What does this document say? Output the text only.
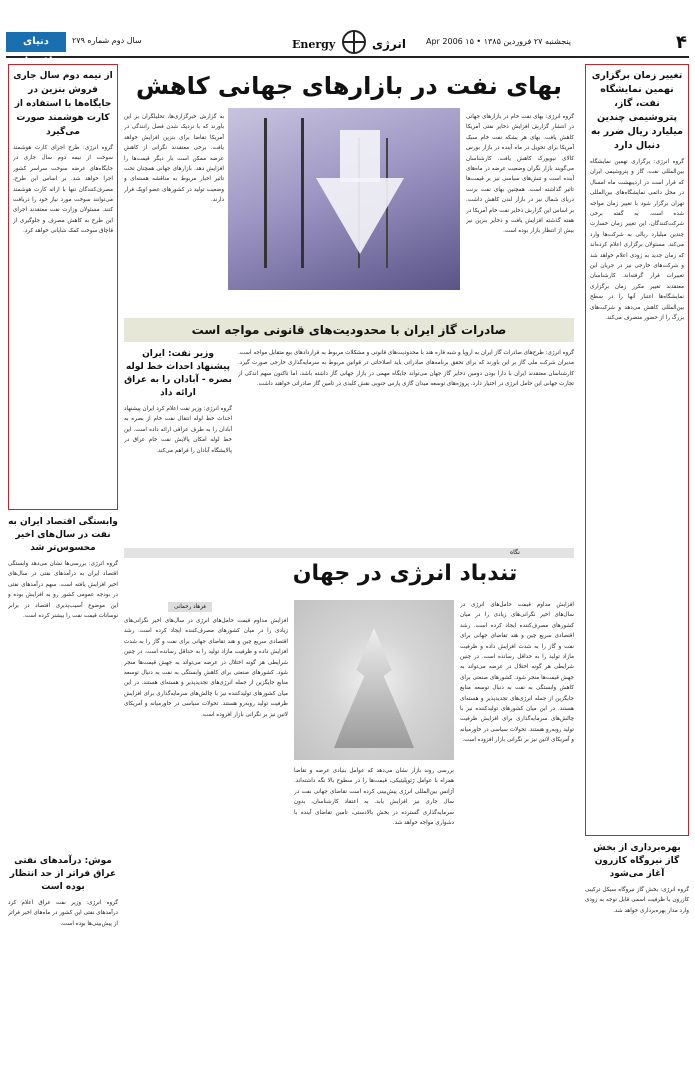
دنیای اقتصاد
سال دوم شماره ۲۷۹	Energy	انرژی	پنجشنبه ۲۷ فروردین ۱۳۸۵ • ۱۵ Apr 2006	۴
تغییر زمان برگزاری نهمین نمایشگاه نفت، گاز، پتروشیمی چندین میلیارد ریال ضرر به دنبال دارد
گروه انرژی: برگزاری نهمین نمایشگاه بین‌المللی نفت، گاز و پتروشیمی ایران که قرار است در اردیبهشت ماه امسال در محل دائمی نمایشگاه‌های بین‌المللی تهران برگزار شود با تغییر زمان مواجه شده است. به گفته برخی شرکت‌کنندگان، این تغییر زمان خسارت چندین میلیارد ریالی به شرکت‌ها وارد می‌کند. مسئولان برگزاری اعلام کرده‌اند که زمان جدید به زودی اعلام خواهد شد و شرکت‌های خارجی نیز در جریان این تغییرات قرار گرفته‌اند. کارشناسان معتقدند تغییر مکرر زمان برگزاری نمایشگاه‌ها اعتبار آنها را در سطح بین‌المللی کاهش می‌دهد و شرکت‌های بزرگ را از حضور منصرف می‌کند.
بهره‌برداری از بخش گاز نیروگاه کازرون آغاز می‌شود
گروه انرژی: بخش گاز نیروگاه سیکل ترکیبی کازرون با ظرفیت اسمی قابل توجه به زودی وارد مدار بهره‌برداری خواهد شد.
از نیمه دوم سال جاری فروش بنزین در جایگاه‌ها با استفاده از کارت هوشمند صورت می‌گیرد
گروه انرژی: طرح اجرای کارت هوشمند سوخت از نیمه دوم سال جاری در جایگاه‌های عرضه سوخت سراسر کشور اجرا خواهد شد. بر اساس این طرح، مصرف‌کنندگان تنها با ارائه کارت هوشمند می‌توانند سوخت مورد نیاز خود را دریافت کنند. مسئولان وزارت نفت معتقدند اجرای این طرح به کاهش مصرف و جلوگیری از قاچاق سوخت کمک شایانی خواهد کرد.
وابستگی اقتصاد ایران به نفت در سال‌های اخیر محسوس‌تر شد
گروه انرژی: بررسی‌ها نشان می‌دهد وابستگی اقتصاد ایران به درآمدهای نفتی در سال‌های اخیر افزایش یافته است. سهم درآمدهای نفتی در بودجه عمومی کشور رو به افزایش بوده و این موضوع آسیب‌پذیری اقتصاد در برابر نوسانات قیمت نفت را بیشتر کرده است.
موش: درآمدهای نفتی عراق فراتر از حد انتظار بوده است
گروه انرژی: وزیر نفت عراق اعلام کرد درآمدهای نفتی این کشور در ماه‌های اخیر فراتر از پیش‌بینی‌ها بوده است.
بهای نفت در بازارهای جهانی کاهش
گروه انرژی: بهای نفت خام در بازارهای جهانی در انتشار گزارش افزایش ذخایر نفتی آمریکا کاهش یافت. بهای هر بشکه نفت خام سبک آمریکا برای تحویل در ماه آینده در بازار بورس کالای نیویورک کاهش یافت. کارشناسان می‌گویند بازار نگران وضعیت عرضه در ماه‌های آینده است و تنش‌های سیاسی نیز بر قیمت‌ها تاثیر گذاشته است. همچنین بهای نفت برنت دریای شمال نیز در بازار لندن کاهش داشت. بر اساس این گزارش ذخایر نفت خام آمریکا در هفته گذشته افزایش یافت و ذخایر بنزین نیز بیش از انتظار بازار بوده است.
به گزارش خبرگزاری‌ها، تحلیلگران بر این باورند که با نزدیک شدن فصل رانندگی در آمریکا تقاضا برای بنزین افزایش خواهد یافت. برخی معتقدند نگرانی از کاهش عرضه ممکن است بار دیگر قیمت‌ها را افزایش دهد. بازارهای جهانی همچنان تحت تاثیر اخبار مربوط به مناقشه هسته‌ای و وضعیت تولید در کشورهای عضو اوپک قرار دارند.
صادرات گاز ایران با محدودیت‌های قانونی مواجه است
گروه انرژی: طرح‌های صادرات گاز ایران به اروپا و شبه قاره هند با محدودیت‌های قانونی و مشکلات مربوط به قراردادهای بیع متقابل مواجه است. مدیران شرکت ملی گاز بر این باورند که برای تحقق برنامه‌های صادراتی باید اصلاحاتی در قوانین مربوط به سرمایه‌گذاری خارجی صورت گیرد. کارشناسان معتقدند ایران با دارا بودن دومین ذخایر گاز جهان می‌تواند جایگاه مهمی در بازار جهانی گاز داشته باشد، اما تاکنون سهم اندکی از تجارت جهانی این حامل انرژی در اختیار دارد. پروژه‌های توسعه میدان گازی پارس جنوبی نقش کلیدی در تامین گاز صادراتی خواهند داشت.
وزیر نفت: ایران پیشنهاد احداث خط لوله بصره - آبادان را به عراق ارائه داد
گروه انرژی: وزیر نفت اعلام کرد ایران پیشنهاد احداث خط لوله انتقال نفت خام از بصره به آبادان را به طرف عراقی ارائه داده است. این خط لوله امکان پالایش نفت خام عراق در پالایشگاه آبادان را فراهم می‌کند.
نگاه
تندباد انرژی در جهان
افزایش مداوم قیمت حامل‌های انرژی در سال‌های اخیر نگرانی‌های زیادی را در میان کشورهای مصرف‌کننده ایجاد کرده است. رشد اقتصادی سریع چین و هند تقاضای جهانی برای نفت و گاز را به شدت افزایش داده و ظرفیت مازاد تولید را به حداقل رسانده است. در چنین شرایطی هر گونه اختلال در عرضه می‌تواند به جهش قیمت‌ها منجر شود. کشورهای صنعتی برای کاهش وابستگی به نفت به دنبال توسعه منابع جایگزین از جمله انرژی‌های تجدیدپذیر و هسته‌ای هستند. در این میان کشورهای تولیدکننده نیز با چالش‌های سرمایه‌گذاری برای افزایش ظرفیت تولید روبه‌رو هستند. تحولات سیاسی در خاورمیانه و آمریکای لاتین نیز بر نگرانی بازار افزوده است.
بررسی روند بازار نشان می‌دهد که عوامل بنیادی عرضه و تقاضا همراه با عوامل ژئوپلیتیکی، قیمت‌ها را در سطوح بالا نگه داشته‌اند. آژانس بین‌المللی انرژی پیش‌بینی کرده است تقاضای جهانی نفت در سال جاری نیز افزایش یابد. به اعتقاد کارشناسان، بدون سرمایه‌گذاری گسترده در بخش بالادستی، تامین تقاضای آینده با دشواری مواجه خواهد شد.
فرهاد رحمانی
افزایش مداوم قیمت حامل‌های انرژی در سال‌های اخیر نگرانی‌های زیادی را در میان کشورهای مصرف‌کننده ایجاد کرده است. رشد اقتصادی سریع چین و هند تقاضای جهانی برای نفت و گاز را به شدت افزایش داده و ظرفیت مازاد تولید را به حداقل رسانده است. در چنین شرایطی هر گونه اختلال در عرضه می‌تواند به جهش قیمت‌ها منجر شود. کشورهای صنعتی برای کاهش وابستگی به نفت به دنبال توسعه منابع جایگزین از جمله انرژی‌های تجدیدپذیر و هسته‌ای هستند. در این میان کشورهای تولیدکننده نیز با چالش‌های سرمایه‌گذاری برای افزایش ظرفیت تولید روبه‌رو هستند. تحولات سیاسی در خاورمیانه و آمریکای لاتین نیز بر نگرانی بازار افزوده است.
